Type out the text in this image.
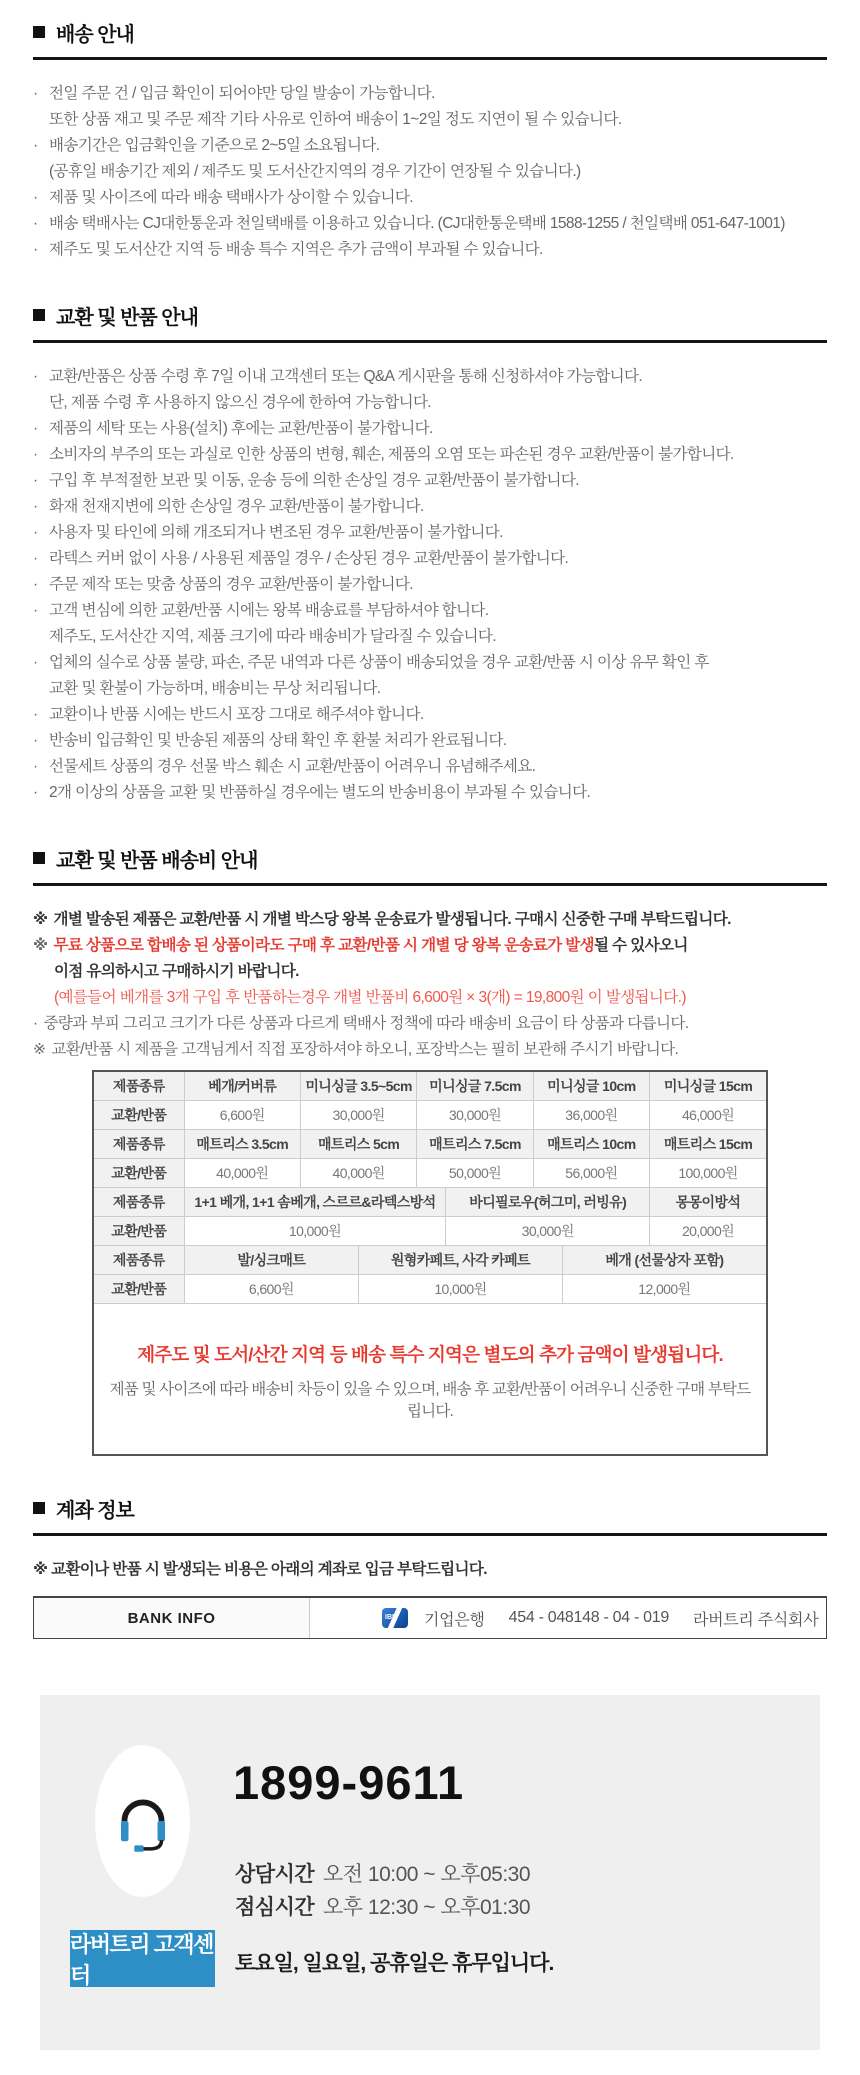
배송 안내
· 전일 주문 건 / 입금 확인이 되어야만 당일 발송이 가능합니다.
또한 상품 재고 및 주문 제작 기타 사유로 인하여 배송이 1~2일 정도 지연이 될 수 있습니다.
· 배송기간은 입금확인을 기준으로 2~5일 소요됩니다.
(공휴일 배송기간 제외 / 제주도 및 도서산간지역의 경우 기간이 연장될 수 있습니다.)
· 제품 및 사이즈에 따라 배송 택배사가 상이할 수 있습니다.
· 배송 택배사는 CJ대한통운과 천일택배를 이용하고 있습니다. (CJ대한통운택배 1588-1255 / 천일택배 051-647-1001)
· 제주도 및 도서산간 지역 등 배송 특수 지역은 추가 금액이 부과될 수 있습니다.
교환 및 반품 안내
· 교환/반품은 상품 수령 후 7일 이내 고객센터 또는 Q&A 게시판을 통해 신청하셔야 가능합니다.
단, 제품 수령 후 사용하지 않으신 경우에 한하여 가능합니다.
· 제품의 세탁 또는 사용(설치) 후에는 교환/반품이 불가합니다.
· 소비자의 부주의 또는 과실로 인한 상품의 변형, 훼손, 제품의 오염 또는 파손된 경우 교환/반품이 불가합니다.
· 구입 후 부적절한 보관 및 이동, 운송 등에 의한 손상일 경우 교환/반품이 불가합니다.
· 화재 천재지변에 의한 손상일 경우 교환/반품이 불가합니다.
· 사용자 및 타인에 의해 개조되거나 변조된 경우 교환/반품이 불가합니다.
· 라텍스 커버 없이 사용 / 사용된 제품일 경우 / 손상된 경우 교환/반품이 불가합니다.
· 주문 제작 또는 맞춤 상품의 경우 교환/반품이 불가합니다.
· 고객 변심에 의한 교환/반품 시에는 왕복 배송료를 부담하셔야 합니다.
제주도, 도서산간 지역, 제품 크기에 따라 배송비가 달라질 수 있습니다.
· 업체의 실수로 상품 불량, 파손, 주문 내역과 다른 상품이 배송되었을 경우 교환/반품 시 이상 유무 확인 후
교환 및 환불이 가능하며, 배송비는 무상 처리됩니다.
· 교환이나 반품 시에는 반드시 포장 그대로 해주셔야 합니다.
· 반송비 입금확인 및 반송된 제품의 상태 확인 후 환불 처리가 완료됩니다.
· 선물세트 상품의 경우 선물 박스 훼손 시 교환/반품이 어려우니 유념해주세요.
· 2개 이상의 상품을 교환 및 반품하실 경우에는 별도의 반송비용이 부과될 수 있습니다.
교환 및 반품 배송비 안내
※ 개별 발송된 제품은 교환/반품 시 개별 박스당 왕복 운송료가 발생됩니다. 구매시 신중한 구매 부탁드립니다.
※ 무료 상품으로 합배송 된 상품이라도 구매 후 교환/반품 시 개별 당 왕복 운송료가 발생될 수 있사오니
이점 유의하시고 구매하시기 바랍니다.
(예를들어 베개를 3개 구입 후 반품하는경우 개별 반품비 6,600원 × 3(개) = 19,800원 이 발생됩니다.)
· 중량과 부피 그리고 크기가 다른 상품과 다르게 택배사 정책에 따라 배송비 요금이 타 상품과 다릅니다.
※ 교환/반품 시 제품을 고객님게서 직접 포장하셔야 하오니, 포장박스는 필히 보관해 주시기 바랍니다.
제품종류	베개/커버류	미니싱글 3.5~5cm		미니싱글 7.5cm		미니싱글 10cm		미니싱글 15cm
교환/반품	6,600원	30,000원		30,000원		36,000원		46,000원
제품종류	매트리스 3.5cm	매트리스 5cm		매트리스 7.5cm		매트리스 10cm		매트리스 15cm
교환/반품	40,000원	40,000원		50,000원		56,000원		100,000원
제품종류	1+1 베개, 1+1 솜베개, 스르르&라텍스방석				바디필로우(허그미, 러빙유)			몽몽이방석
교환/반품	10,000원				30,000원			20,000원
제품종류	발/싱크매트		원형카페트, 사각 카페트				베개 (선물상자 포함)	
교환/반품	6,600원		10,000원				12,000원	
제주도 및 도서/산간 지역 등 배송 특수 지역은 별도의 추가 금액이 발생됩니다.
제품 및 사이즈에 따라 배송비 차등이 있을 수 있으며, 배송 후 교환/반품이 어려우니 신중한 구매 부탁드립니다.
계좌 정보
※ 교환이나 반품 시 발생되는 비용은 아래의 계좌로 입금 부탁드립니다.
BANK INFO IBK	기업은행 454 - 048148 - 04 - 019 라버트리 주식회사
1899-9611
상담시간 오전 10:00 ~ 오후05:30
점심시간 오후 12:30 ~ 오후01:30
라버트리 고객센터	토요일, 일요일, 공휴일은 휴무입니다.
